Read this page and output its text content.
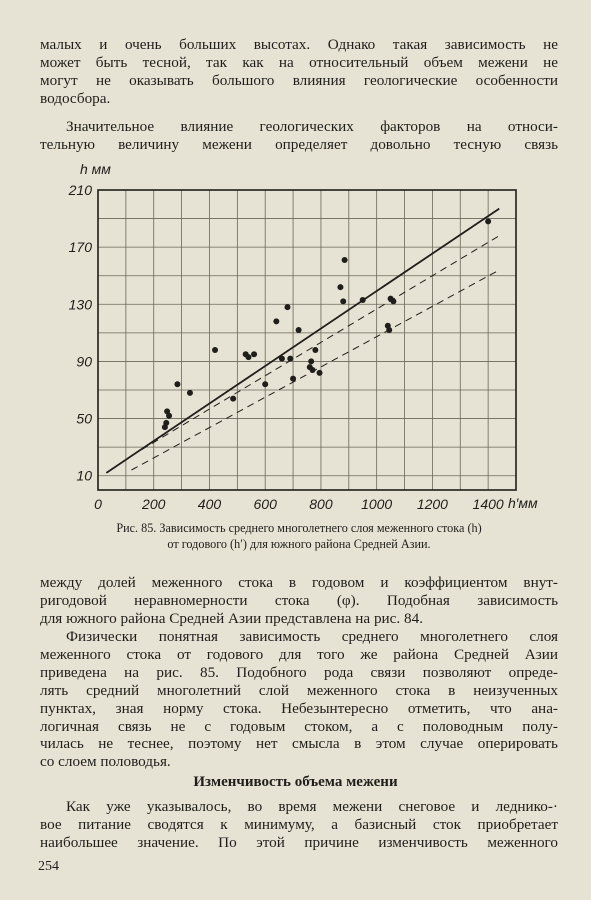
малых и очень больших высотах. Однако такая зависимость не
может быть тесной, так как на относительный объем межени не
могут не оказывать большого влияния геологические особенности
водосбора.

Значительное влияние геологических факторов на относи-
тельную величину межени определяет довольно тесную связь

0	200 400 600 800 1000 1200 1400
10
50
90
130
170
210
h′мм
h мм
Рис. 85. Зависимость среднего многолетнего слоя меженного стока (h)
от годового (h′) для южного района Средней Азии.

между долей меженного стока в годовом и коэффициентом внут-
ригодовой неравномерности стока (φ). Подобная зависимость
для южного района Средней Азии представлена на рис. 84.

Физически понятная зависимость среднего многолетнего слоя
меженного стока от годового для того же района Средней Азии
приведена на рис. 85. Подобного рода связи позволяют опреде-
лять средний многолетний слой меженного стока в неизученных
пунктах, зная норму стока. Небезынтересно отметить, что ана-
логичная связь не с годовым стоком, а с половодным полу-
чилась не теснее, поэтому нет смысла в этом случае оперировать
со слоем половодья.

Изменчивость объема межени

Как уже указывалось, во время межени снеговое и леднико-·
вое питание сводятся к минимуму, а базисный сток приобретает
наибольшее значение. По этой причине изменчивость меженного

254
